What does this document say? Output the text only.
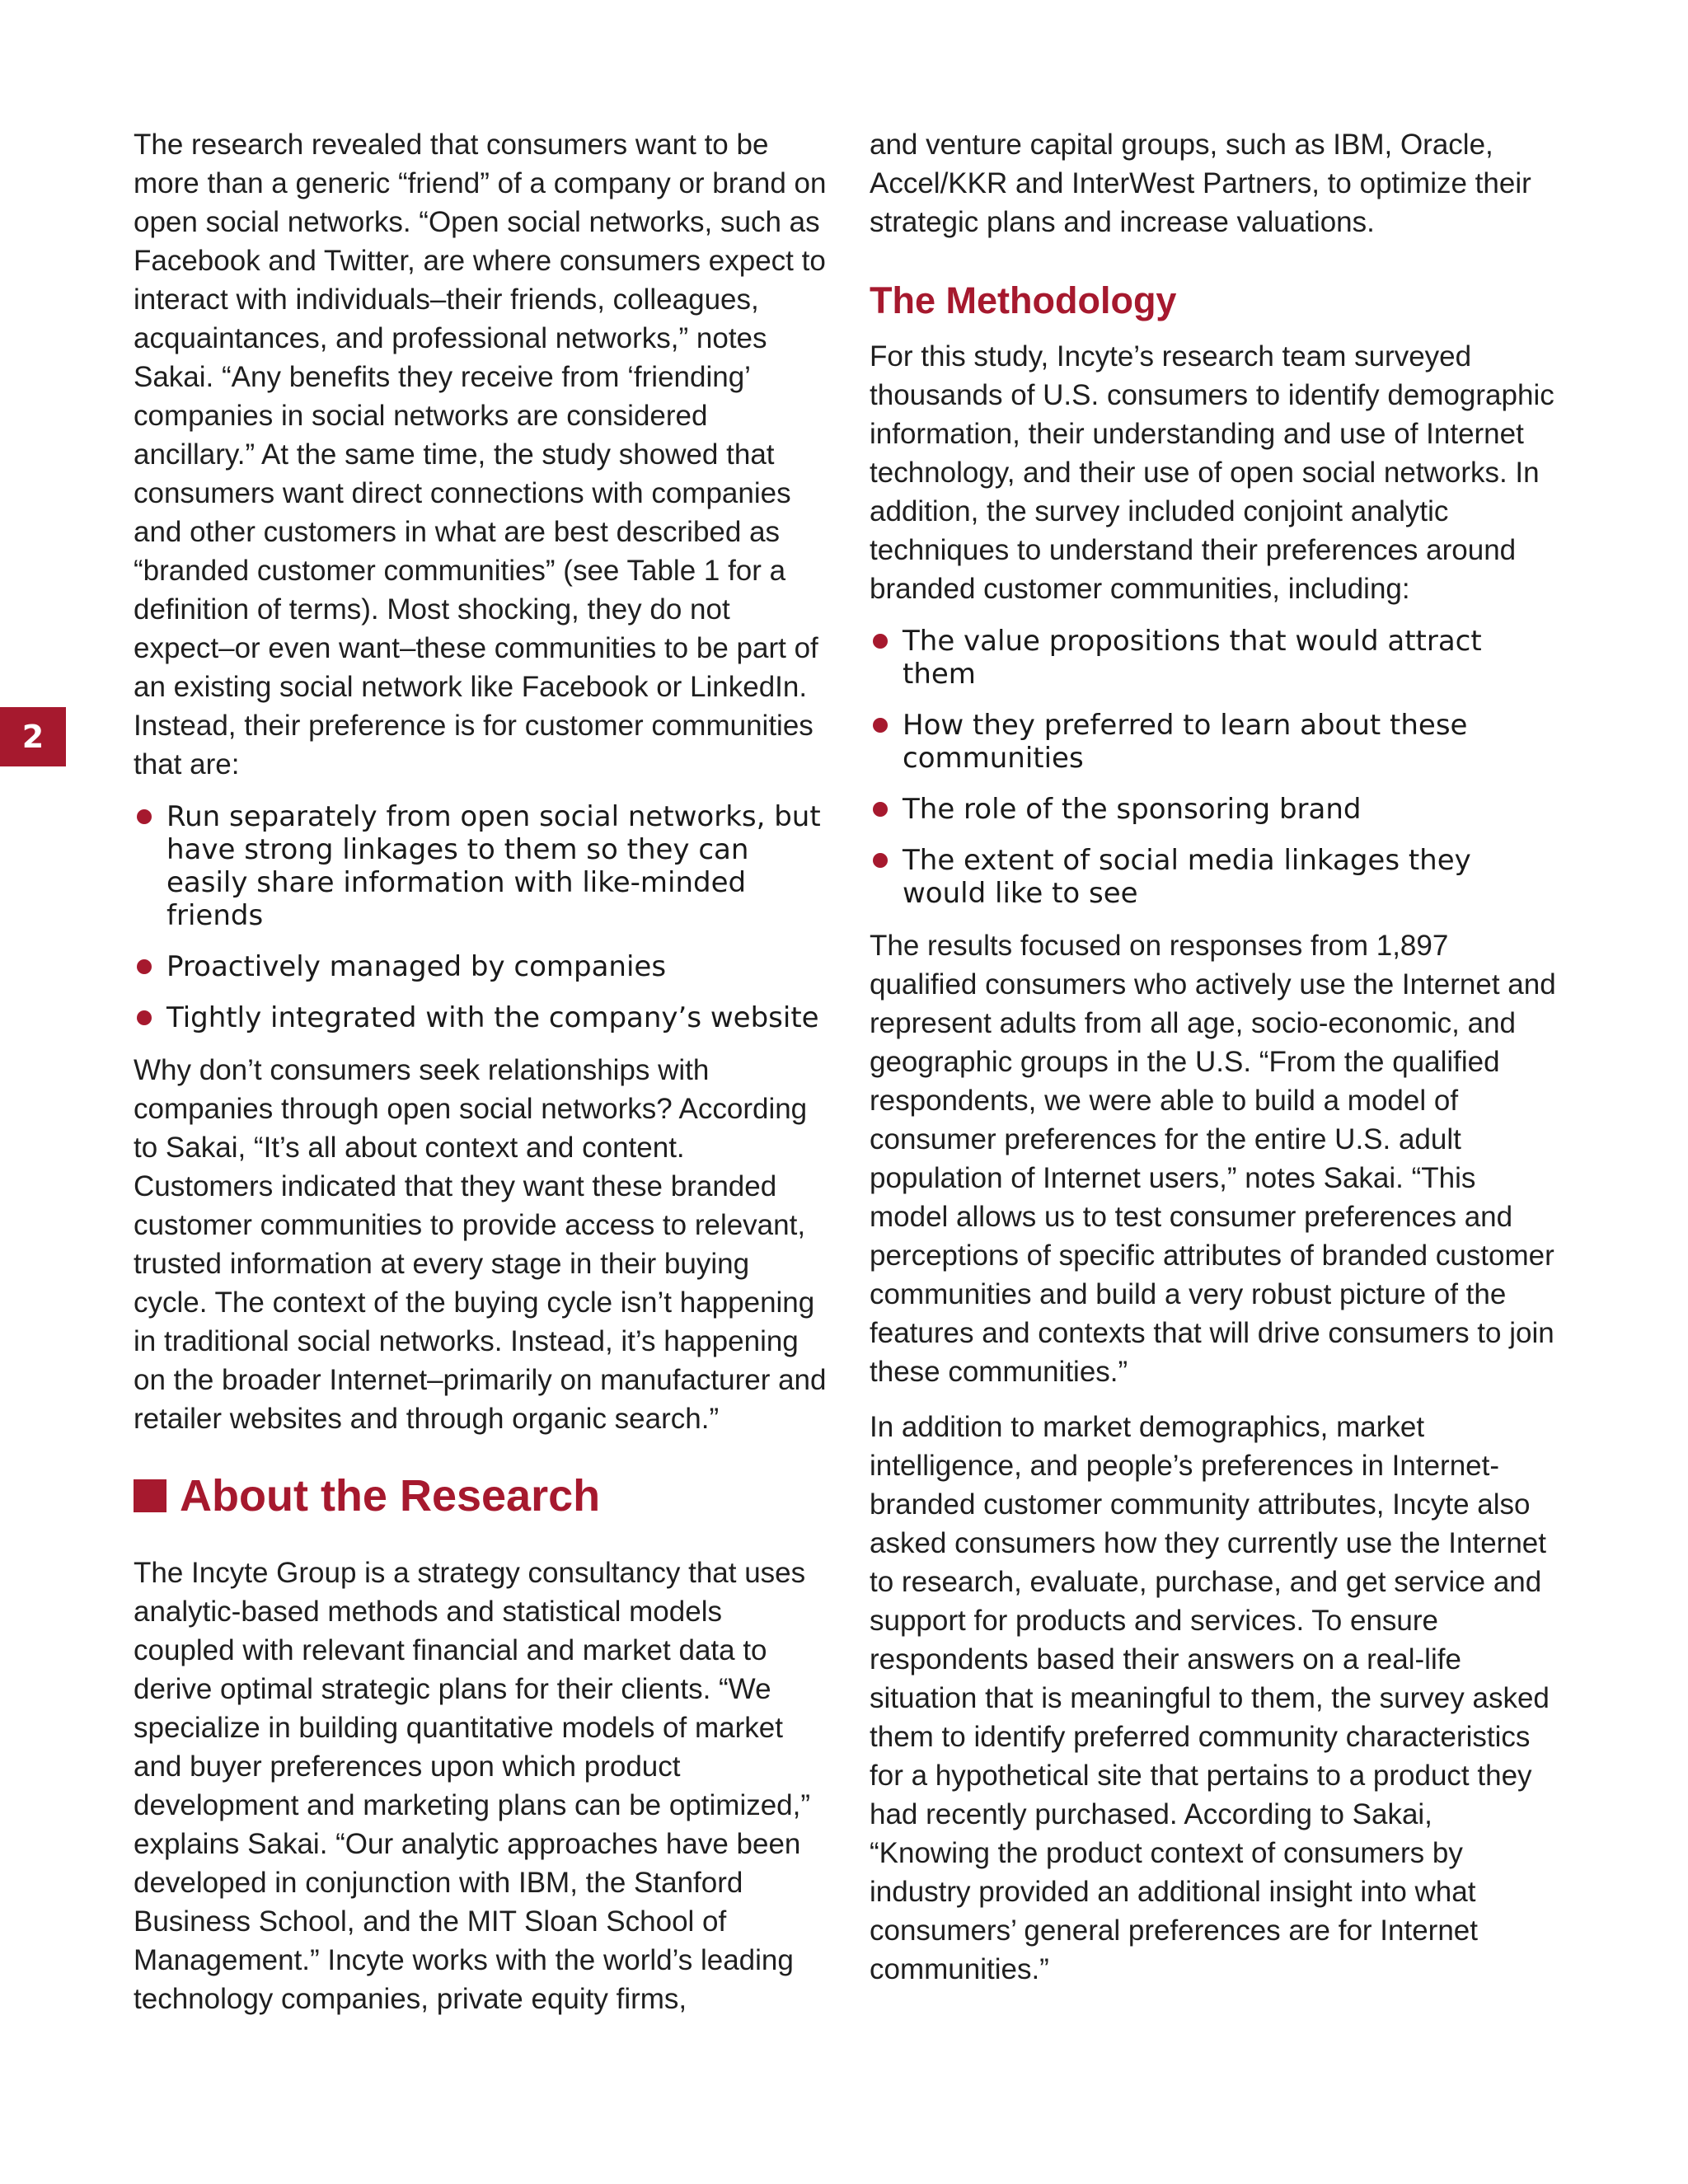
2

The research revealed that consumers want to be more than a generic “friend” of a company or brand on open social networks. “Open social networks, such as Facebook and Twitter, are where consumers expect to interact with individuals–their friends, colleagues, acquaintances, and professional networks,” notes Sakai. “Any benefits they receive from ‘friending’ companies in social networks are considered ancillary.” At the same time, the study showed that consumers want direct connections with companies and other customers in what are best described as “branded customer communities” (see Table 1 for a definition of terms). Most shocking, they do not expect–or even want–these communities to be part of an existing social network like Facebook or LinkedIn. Instead, their preference is for customer communities that are:

Run separately from open social networks, but have strong linkages to them so they can easily share information with like-minded friends
Proactively managed by companies
Tightly integrated with the company’s website

Why don’t consumers seek relationships with companies through open social networks? According to Sakai, “It’s all about context and content. Customers indicated that they want these branded customer communities to provide access to relevant, trusted information at every stage in their buying cycle. The context of the buying cycle isn’t happening in traditional social networks. Instead, it’s happening on the broader Internet–primarily on manufacturer and retailer websites and through organic search.”

About the Research

The Incyte Group is a strategy consultancy that uses analytic-based methods and statistical models coupled with relevant financial and market data to derive optimal strategic plans for their clients. “We specialize in building quantitative models of market and buyer preferences upon which product development and marketing plans can be optimized,” explains Sakai. “Our analytic approaches have been developed in conjunction with IBM, the Stanford Business School, and the MIT Sloan School of Management.” Incyte works with the world’s leading technology companies, private equity firms,

and venture capital groups, such as IBM, Oracle, Accel/KKR and InterWest Partners, to optimize their strategic plans and increase valuations.

The Methodology

For this study, Incyte’s research team surveyed thousands of U.S. consumers to identify demographic information, their understanding and use of Internet technology, and their use of open social networks. In addition, the survey included conjoint analytic techniques to understand their preferences around branded customer communities, including:

The value propositions that would attract them
How they preferred to learn about these communities
The role of the sponsoring brand
The extent of social media linkages they would like to see

The results focused on responses from 1,897 qualified consumers who actively use the Internet and represent adults from all age, socio-economic, and geographic groups in the U.S. “From the qualified respondents, we were able to build a model of consumer preferences for the entire U.S. adult population of Internet users,” notes Sakai. “This model allows us to test consumer preferences and perceptions of specific attributes of branded customer communities and build a very robust picture of the features and contexts that will drive consumers to join these communities.”

In addition to market demographics, market intelligence, and people’s preferences in Internet-branded customer community attributes, Incyte also asked consumers how they currently use the Internet to research, evaluate, purchase, and get service and support for products and services. To ensure respondents based their answers on a real-life situation that is meaningful to them, the survey asked them to identify preferred community characteristics for a hypothetical site that pertains to a product they had recently purchased. According to Sakai, “Knowing the product context of consumers by industry provided an additional insight into what consumers’ general preferences are for Internet communities.”
